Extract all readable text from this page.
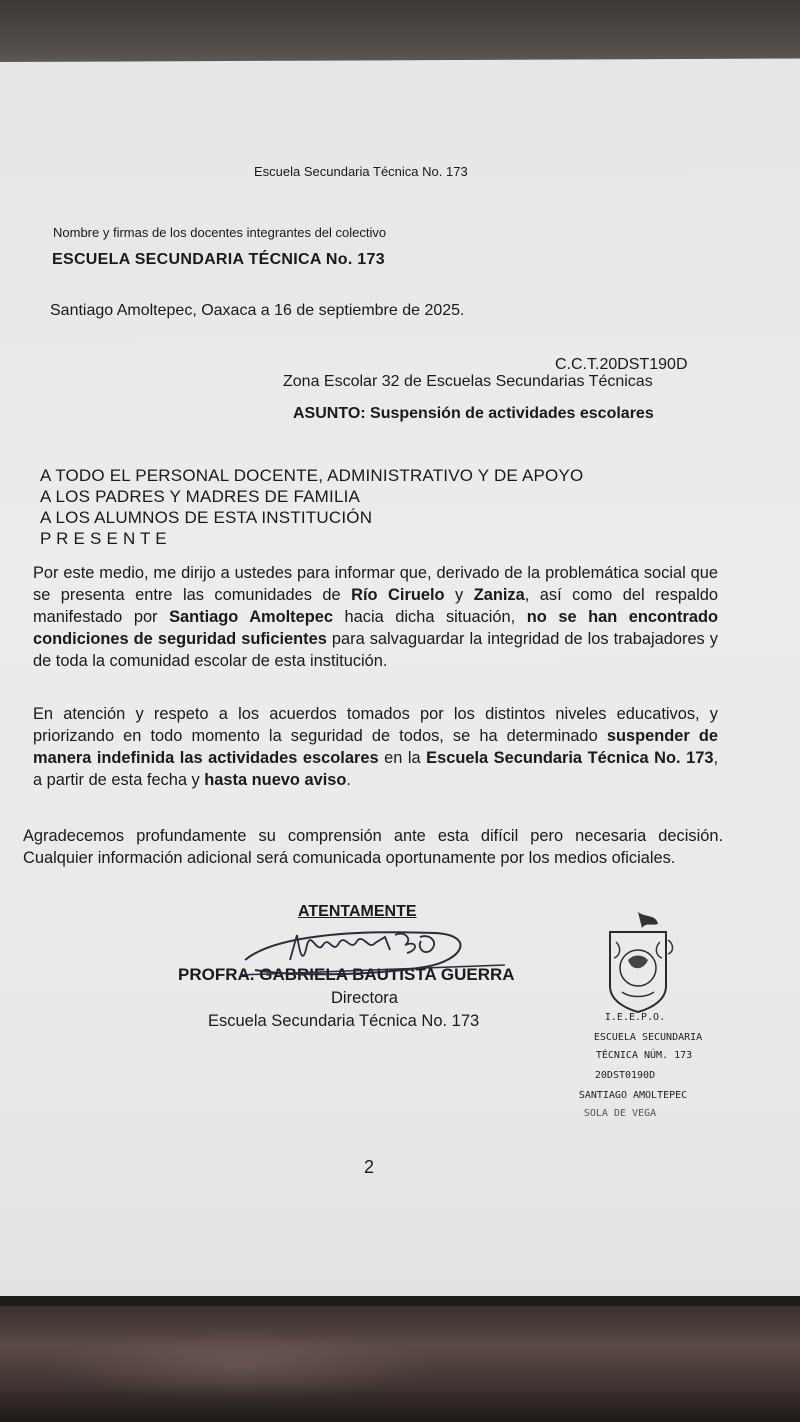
Escuela Secundaria Técnica No. 173
Nombre y firmas de los docentes integrantes del colectivo
ESCUELA SECUNDARIA TÉCNICA No. 173
Santiago Amoltepec, Oaxaca a 16 de septiembre de 2025.
C.C.T.20DST190D
Zona Escolar 32 de Escuelas Secundarias Técnicas
ASUNTO: Suspensión de actividades escolares
A TODO EL PERSONAL DOCENTE, ADMINISTRATIVO Y DE APOYO
A LOS PADRES Y MADRES DE FAMILIA
A LOS ALUMNOS DE ESTA INSTITUCIÓN
P R E S E N T E

Por este medio, me dirijo a ustedes para informar que, derivado de la problemática social que se presenta entre las comunidades de Río Ciruelo y Zaniza, así como del respaldo manifestado por Santiago Amoltepec hacia dicha situación, no se han encontrado condiciones de seguridad suficientes para salvaguardar la integridad de los trabajadores y de toda la comunidad escolar de esta institución.

En atención y respeto a los acuerdos tomados por los distintos niveles educativos, y priorizando en todo momento la seguridad de todos, se ha determinado suspender de manera indefinida las actividades escolares en la Escuela Secundaria Técnica No. 173, a partir de esta fecha y hasta nuevo aviso.

Agradecemos profundamente su comprensión ante esta difícil pero necesaria decisión. Cualquier información adicional será comunicada oportunamente por los medios oficiales.

ATENTAMENTE
PROFRA. GABRIELA BAUTISTA GUERRA
Directora
Escuela Secundaria Técnica No. 173	I.E.E.P.O.
ESCUELA SECUNDARIA
TÉCNICA NÚM. 173
20DST0190D
SANTIAGO AMOLTEPEC
SOLA DE VEGA
2
